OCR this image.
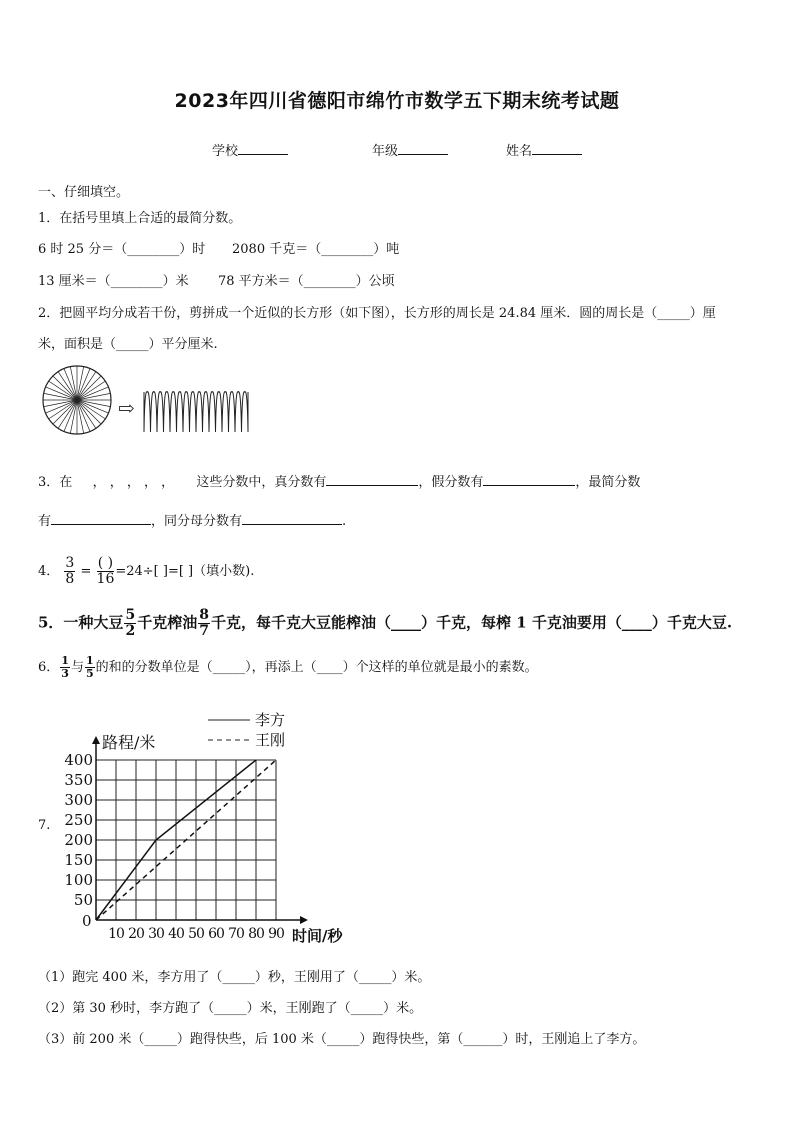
2023年四川省德阳市绵竹市数学五下期末统考试题
学校	年级	姓名
一、仔细填空。
1．在括号里填上合适的最简分数。
6 时 25 分＝（________）时 2080 千克＝（________）吨
13 厘米＝（________）米 78 平方米＝（________）公顷
2．把圆平均分成若干份，剪拼成一个近似的长方形（如下图），长方形的周长是 24.84 厘米．圆的周长是（_____）厘
米，面积是（_____）平分厘米.
⇨
3．在 ， ， ， ， ， 这些分数中，真分数有	，假分数有	，最简分数
有	，同分母分数有	.
4． $\frac{3}{8} = \frac{( )}{16} =24\div$[ ]=[ ]（填小数).
5．一种大豆 $\frac{5}{2}$ 千克榨油 $\frac{8}{7}$ 千克，每千克大豆能榨油（____）千克，每榨 1 千克油要用（____）千克大豆.
6． $\frac{1}{3}$ 与 $\frac{1}{5}$ 的和的分数单位是（_____），再添上（____）个这样的单位就是最小的素数。
7.
50
100
150
200
250
300
350
400
0
10 20 30 40 50 60 70 80 90
路程/米
时间/秒
李方
王刚
（1）跑完 400 米，李方用了（_____）秒，王刚用了（_____）米。
（2）第 30 秒时，李方跑了（_____）米，王刚跑了（_____）米。
（3）前 200 米（_____）跑得快些，后 100 米（_____）跑得快些，第（______）时，王刚追上了李方。
